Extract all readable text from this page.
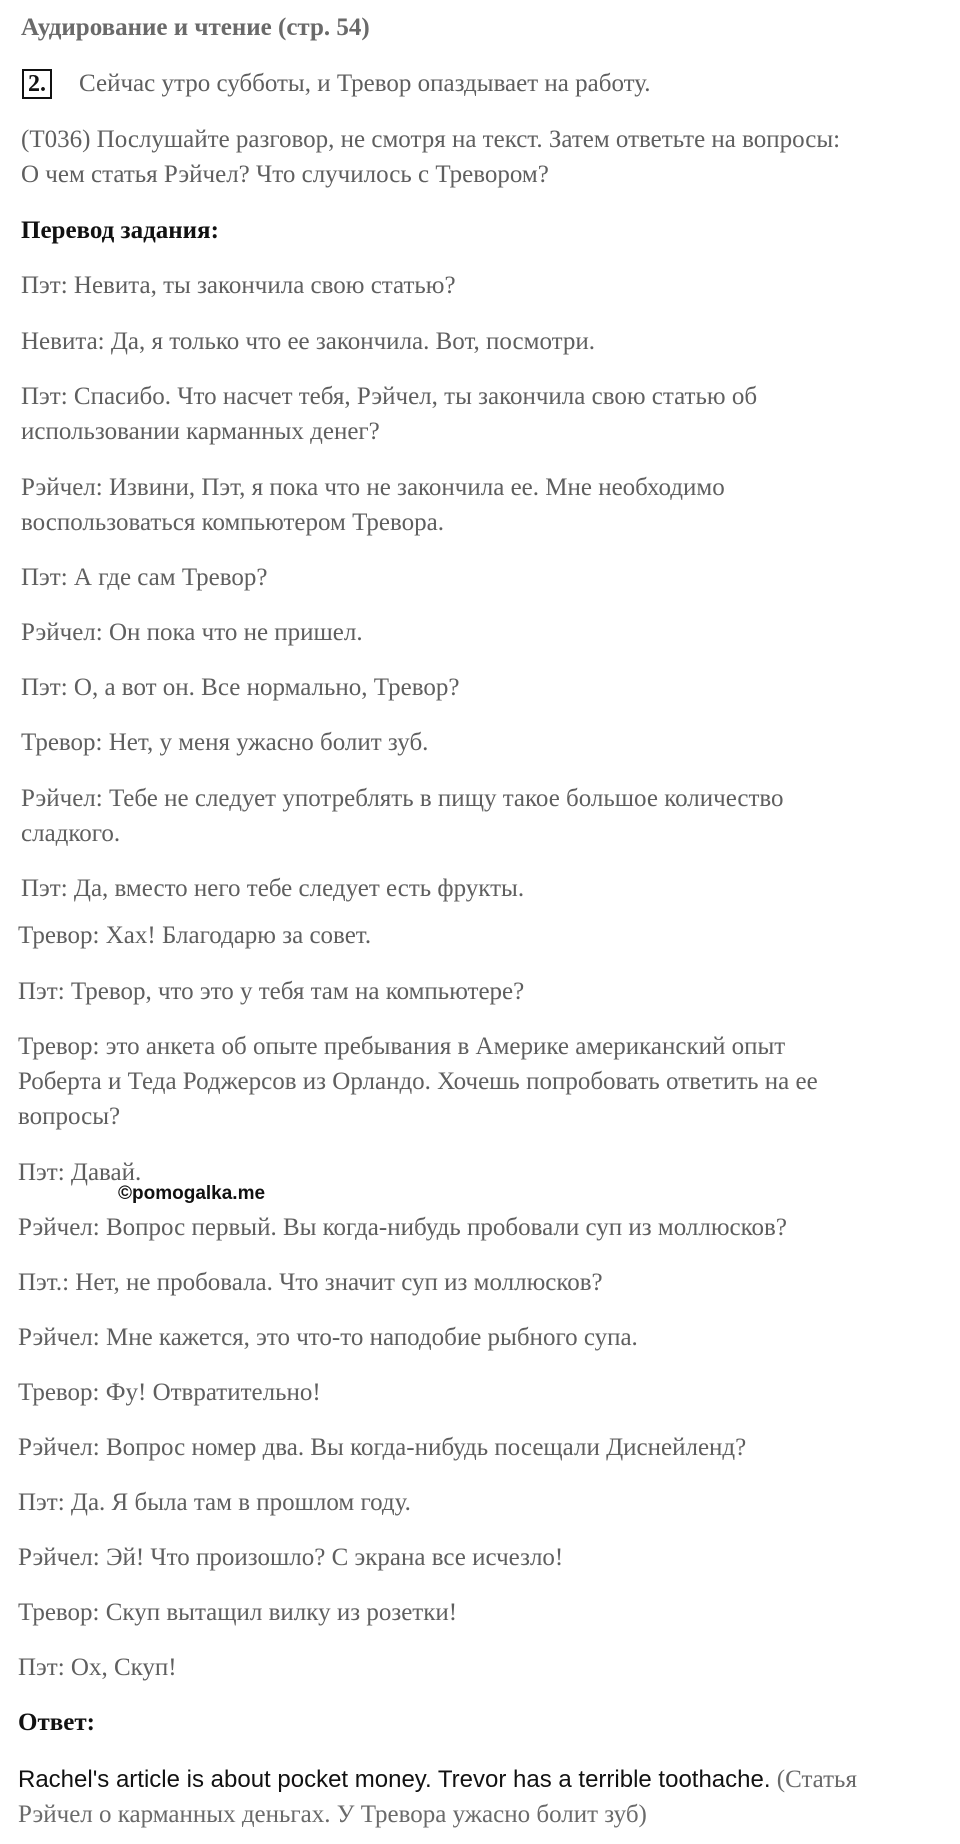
Аудирование и чтение (стр. 54)
2. Сейчас утро субботы, и Тревор опаздывает на работу.
(T036) Послушайте разговор, не смотря на текст. Затем ответьте на вопросы:
О чем статья Рэйчел? Что случилось с Тревором?
Перевод задания:
Пэт: Невита, ты закончила свою статью?
Невита: Да, я только что ее закончила. Вот, посмотри.
Пэт: Спасибо. Что насчет тебя, Рэйчел, ты закончила свою статью об
использовании карманных денег?
Рэйчел: Извини, Пэт, я пока что не закончила ее. Мне необходимо
воспользоваться компьютером Тревора.
Пэт: А где сам Тревор?
Рэйчел: Он пока что не пришел.
Пэт: О, а вот он. Все нормально, Тревор?
Тревор: Нет, у меня ужасно болит зуб.
Рэйчел: Тебе не следует употреблять в пищу такое большое количество
сладкого.
Пэт: Да, вместо него тебе следует есть фрукты.
Тревор: Хах! Благодарю за совет.
Пэт: Тревор, что это у тебя там на компьютере?
Тревор: это анкета об опыте пребывания в Америке американский опыт
Роберта и Теда Роджерсов из Орландо. Хочешь попробовать ответить на ее
вопросы?
Пэт: Давай.
©pomogalka.me
Рэйчел: Вопрос первый. Вы когда-нибудь пробовали суп из моллюсков?
Пэт.: Нет, не пробовала. Что значит суп из моллюсков?
Рэйчел: Мне кажется, это что-то наподобие рыбного супа.
Тревор: Фу! Отвратительно!
Рэйчел: Вопрос номер два. Вы когда-нибудь посещали Диснейленд?
Пэт: Да. Я была там в прошлом году.
Рэйчел: Эй! Что произошло? С экрана все исчезло!
Тревор: Скуп вытащил вилку из розетки!
Пэт: Ох, Скуп!
Ответ:
Rachel's article is about pocket money. Trevor has a terrible toothache. (Статья
Рэйчел о карманных деньгах. У Тревора ужасно болит зуб)
